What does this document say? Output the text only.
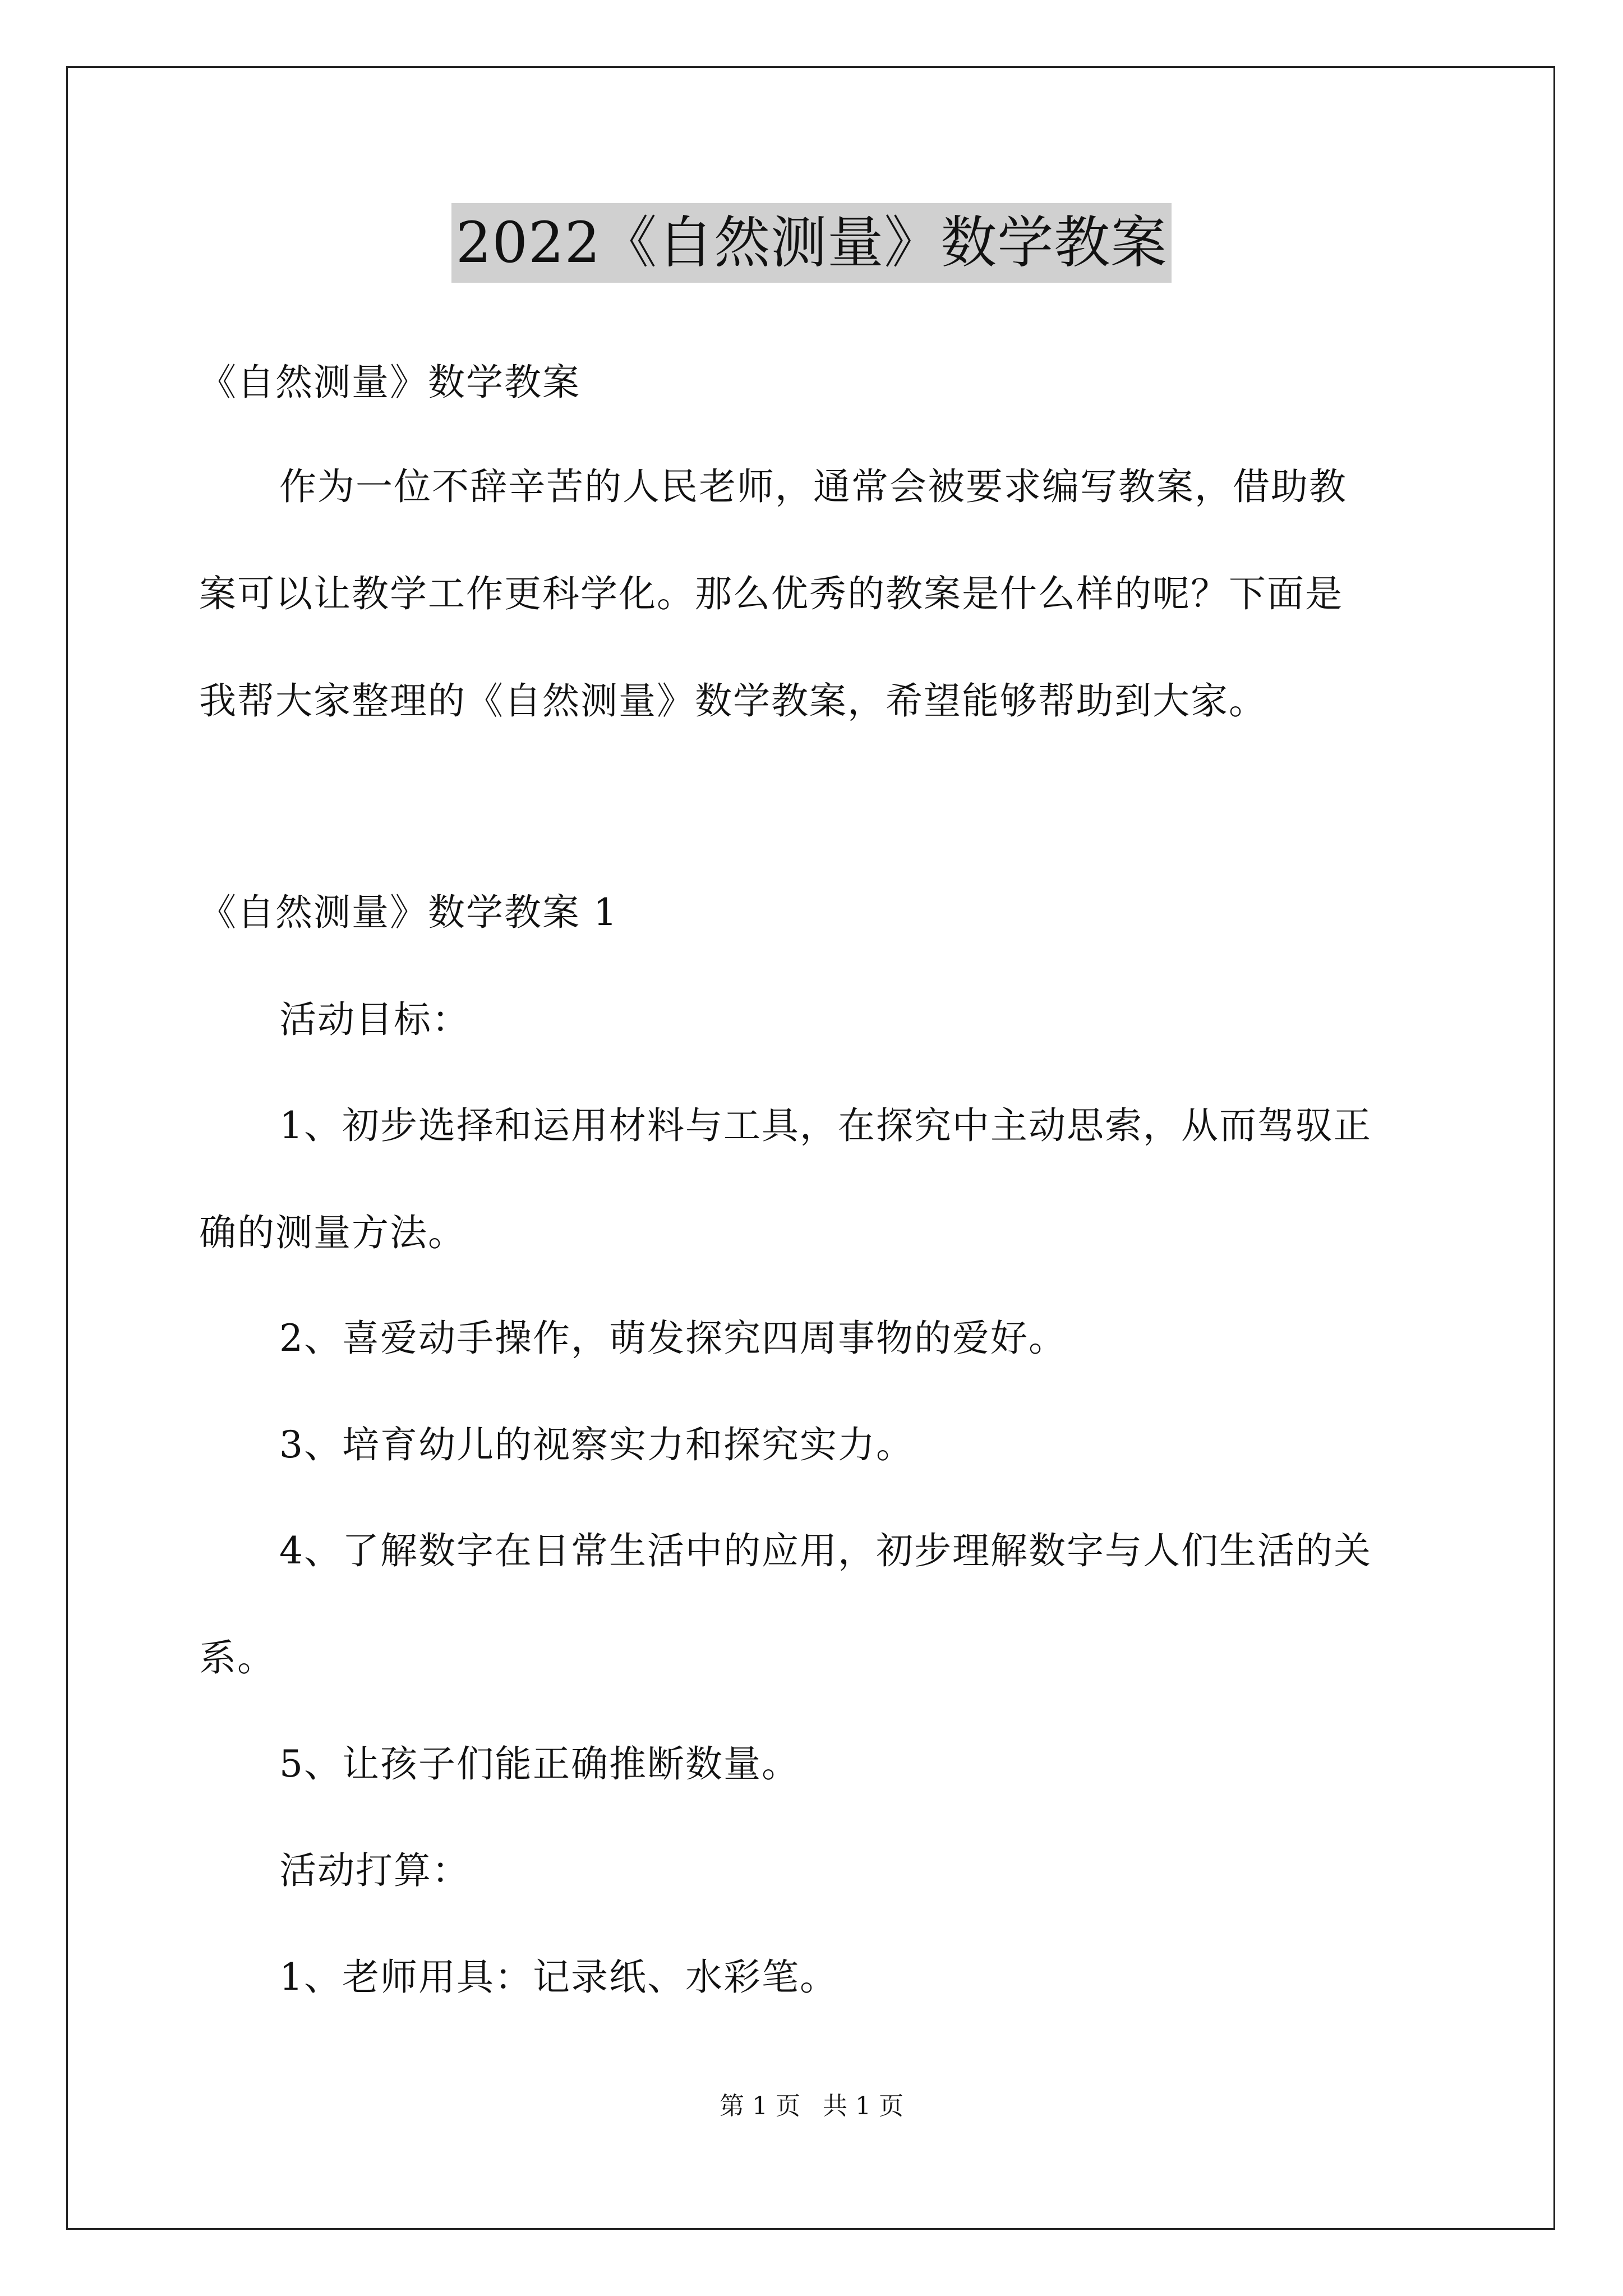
2022《自然测量》数学教案
《自然测量》数学教案
作为一位不辞辛苦的人民老师，通常会被要求编写教案，借助教
案可以让教学工作更科学化。那么优秀的教案是什么样的呢？下面是
我帮大家整理的《自然测量》数学教案，希望能够帮助到大家。
《自然测量》数学教案 1
活动目标：
1、初步选择和运用材料与工具，在探究中主动思索，从而驾驭正
确的测量方法。
2、喜爱动手操作，萌发探究四周事物的爱好。
3、培育幼儿的视察实力和探究实力。
4、了解数字在日常生活中的应用，初步理解数字与人们生活的关
系。
5、让孩子们能正确推断数量。
活动打算：
1、老师用具：记录纸、水彩笔。
第 1 页 共 1 页
